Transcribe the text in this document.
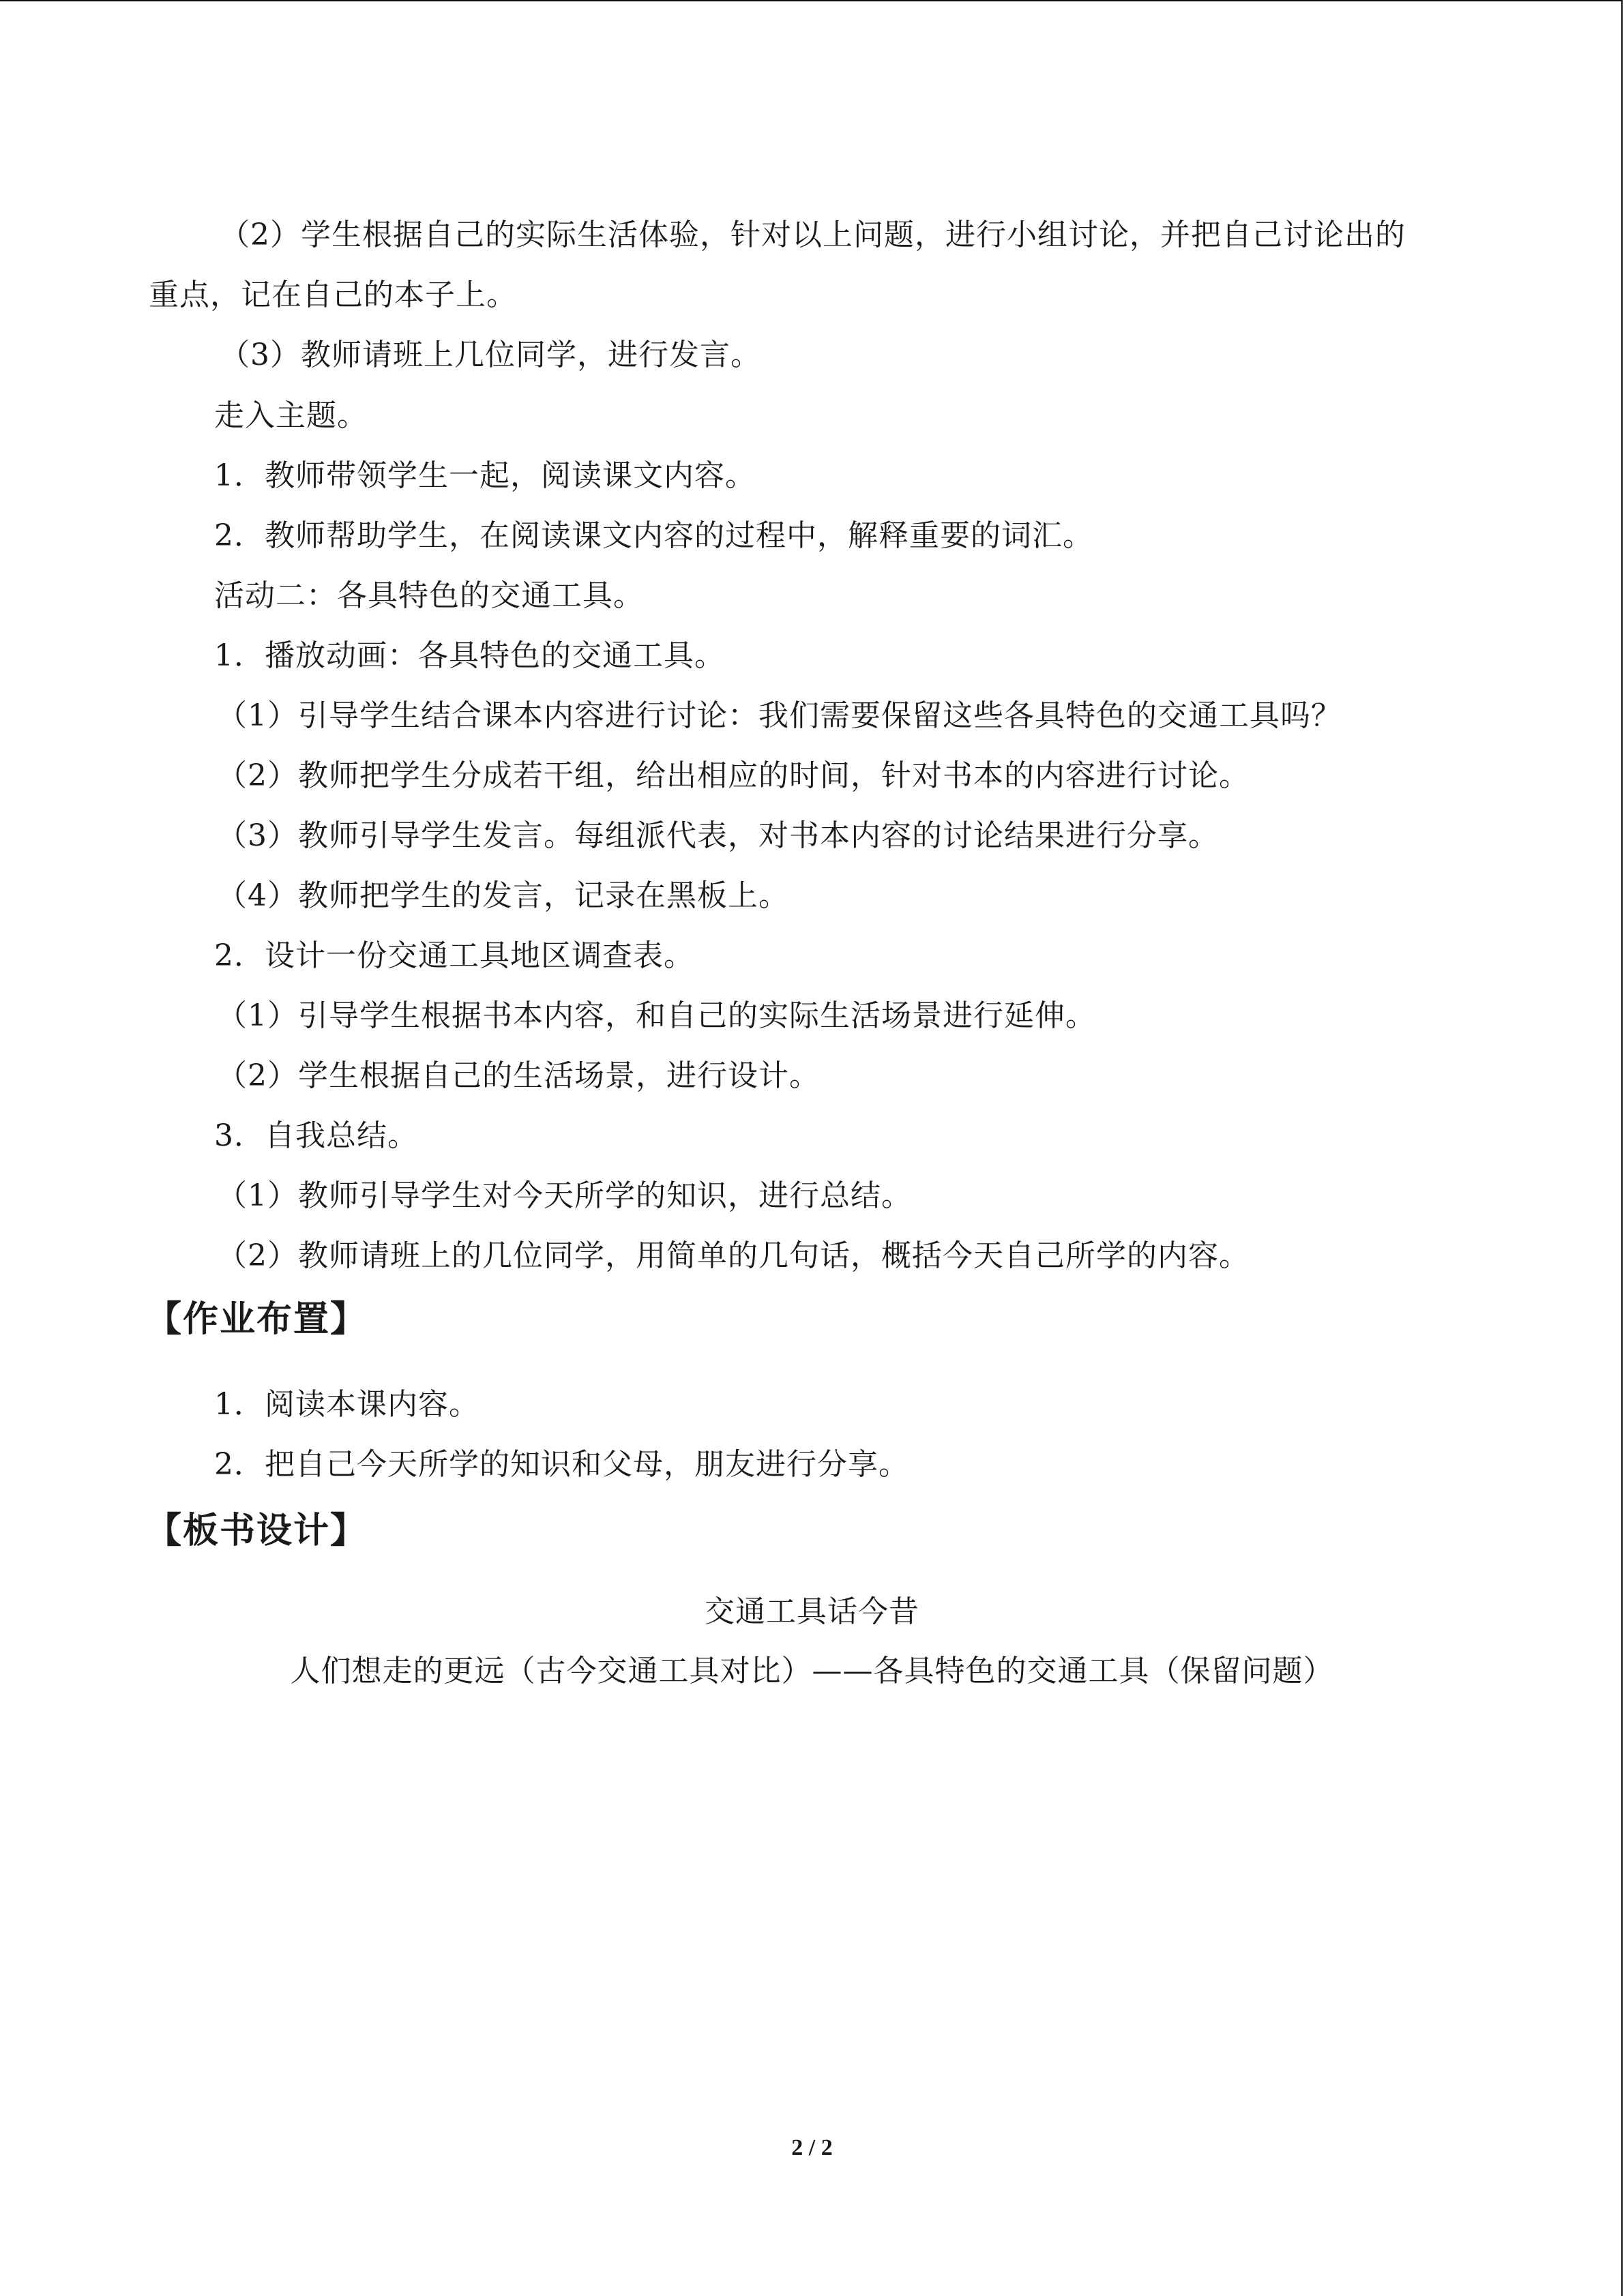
（2）学生根据自己的实际生活体验，针对以上问题，进行小组讨论，并把自己讨论出的
重点，记在自己的本子上。
（3）教师请班上几位同学，进行发言。
走入主题。
1．教师带领学生一起，阅读课文内容。
2．教师帮助学生，在阅读课文内容的过程中，解释重要的词汇。
活动二：各具特色的交通工具。
1．播放动画：各具特色的交通工具。
（1）引导学生结合课本内容进行讨论：我们需要保留这些各具特色的交通工具吗？
（2）教师把学生分成若干组，给出相应的时间，针对书本的内容进行讨论。
（3）教师引导学生发言。每组派代表，对书本内容的讨论结果进行分享。
（4）教师把学生的发言，记录在黑板上。
2．设计一份交通工具地区调查表。
（1）引导学生根据书本内容，和自己的实际生活场景进行延伸。
（2）学生根据自己的生活场景，进行设计。
3．自我总结。
（1）教师引导学生对今天所学的知识，进行总结。
（2）教师请班上的几位同学，用简单的几句话，概括今天自己所学的内容。
【作业布置】
1．阅读本课内容。
2．把自己今天所学的知识和父母，朋友进行分享。
【板书设计】
交通工具话今昔
人们想走的更远（古今交通工具对比）——各具特色的交通工具（保留问题）
2 / 2
